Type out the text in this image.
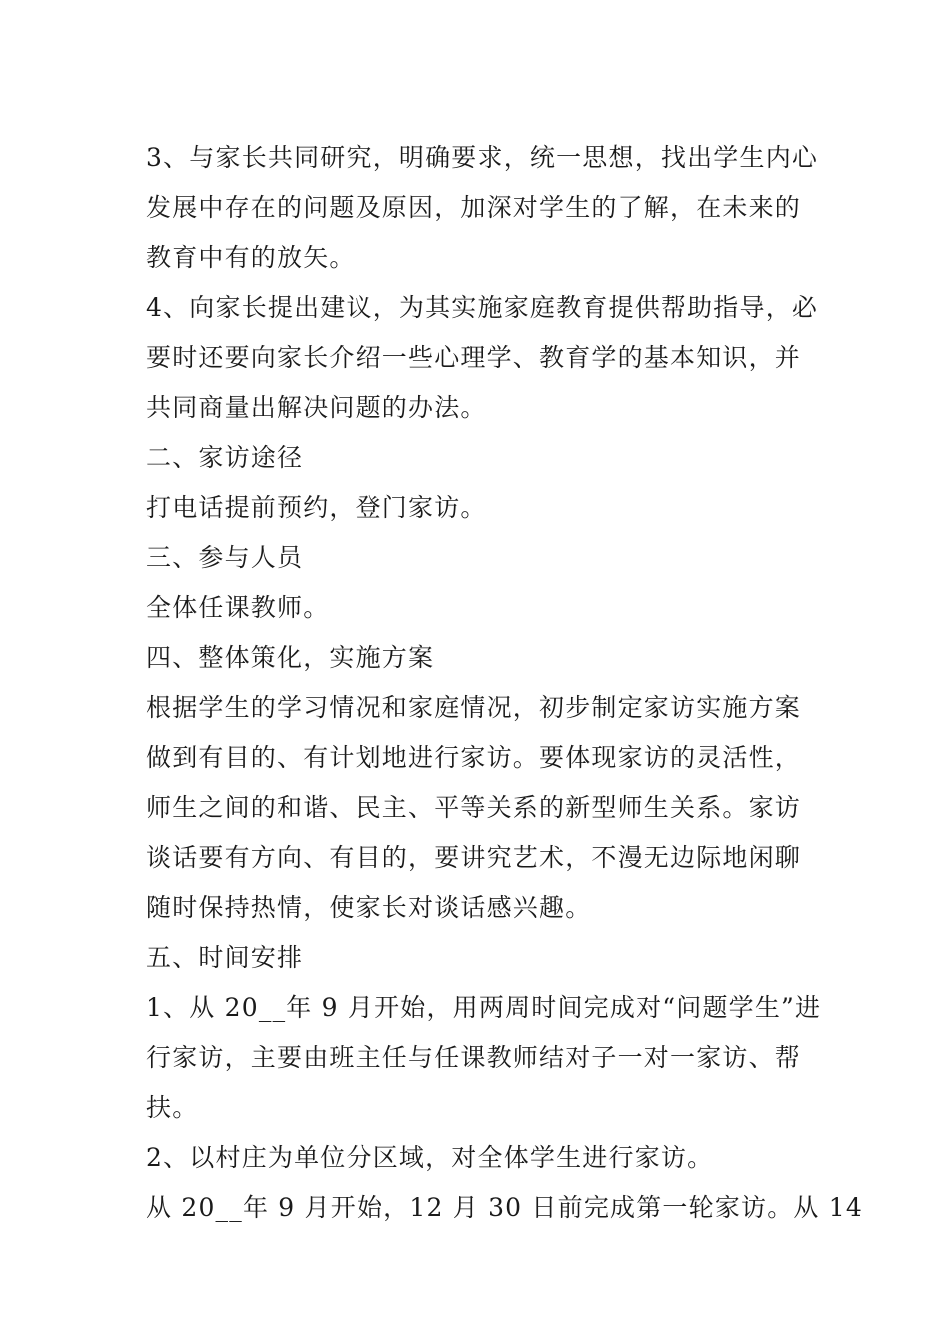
3、与家长共同研究，明确要求，统一思想，找出学生内心
发展中存在的问题及原因，加深对学生的了解，在未来的
教育中有的放矢。
4、向家长提出建议，为其实施家庭教育提供帮助指导，必
要时还要向家长介绍一些心理学、教育学的基本知识，并
共同商量出解决问题的办法。
二、家访途径
打电话提前预约，登门家访。
三、参与人员
全体任课教师。
四、整体策化，实施方案
根据学生的学习情况和家庭情况，初步制定家访实施方案
做到有目的、有计划地进行家访。要体现家访的灵活性，
师生之间的和谐、民主、平等关系的新型师生关系。家访
谈话要有方向、有目的，要讲究艺术，不漫无边际地闲聊
随时保持热情，使家长对谈话感兴趣。
五、时间安排
1、从 20__年 9 月开始，用两周时间完成对“问题学生”进
行家访，主要由班主任与任课教师结对子一对一家访、帮
扶。
2、以村庄为单位分区域，对全体学生进行家访。
从 20__年 9 月开始，12 月 30 日前完成第一轮家访。从 14
